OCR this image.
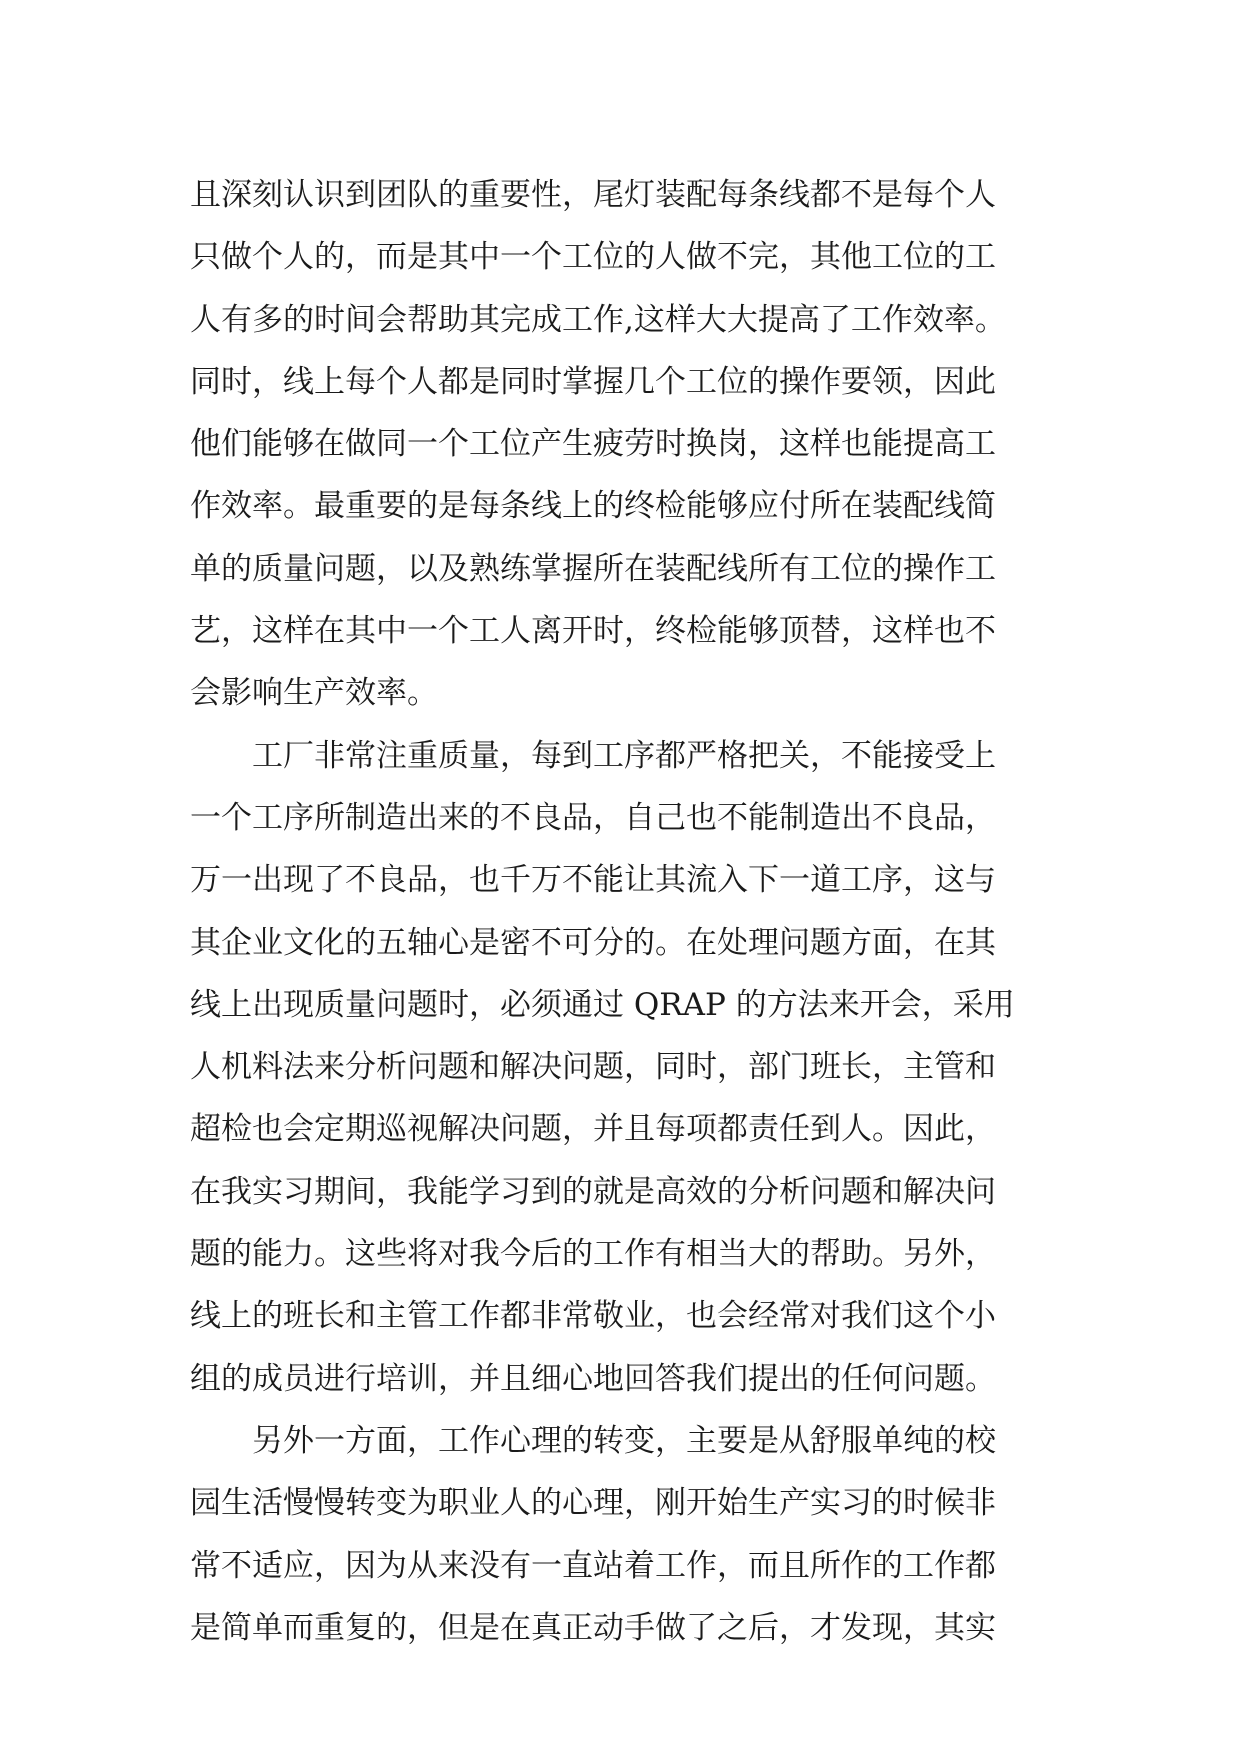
且深刻认识到团队的重要性，尾灯装配每条线都不是每个人
只做个人的，而是其中一个工位的人做不完，其他工位的工
人有多的时间会帮助其完成工作,这样大大提高了工作效率。
同时，线上每个人都是同时掌握几个工位的操作要领，因此
他们能够在做同一个工位产生疲劳时换岗，这样也能提高工
作效率。最重要的是每条线上的终检能够应付所在装配线简
单的质量问题，以及熟练掌握所在装配线所有工位的操作工
艺，这样在其中一个工人离开时，终检能够顶替，这样也不
会影响生产效率。
　　工厂非常注重质量，每到工序都严格把关，不能接受上
一个工序所制造出来的不良品，自己也不能制造出不良品，
万一出现了不良品，也千万不能让其流入下一道工序，这与
其企业文化的五轴心是密不可分的。在处理问题方面，在其
线上出现质量问题时，必须通过 QRAP 的方法来开会，采用
人机料法来分析问题和解决问题，同时，部门班长，主管和
超检也会定期巡视解决问题，并且每项都责任到人。因此，
在我实习期间，我能学习到的就是高效的分析问题和解决问
题的能力。这些将对我今后的工作有相当大的帮助。另外，
线上的班长和主管工作都非常敬业，也会经常对我们这个小
组的成员进行培训，并且细心地回答我们提出的任何问题。
　　另外一方面，工作心理的转变，主要是从舒服单纯的校
园生活慢慢转变为职业人的心理，刚开始生产实习的时候非
常不适应，因为从来没有一直站着工作，而且所作的工作都
是简单而重复的，但是在真正动手做了之后，才发现，其实
